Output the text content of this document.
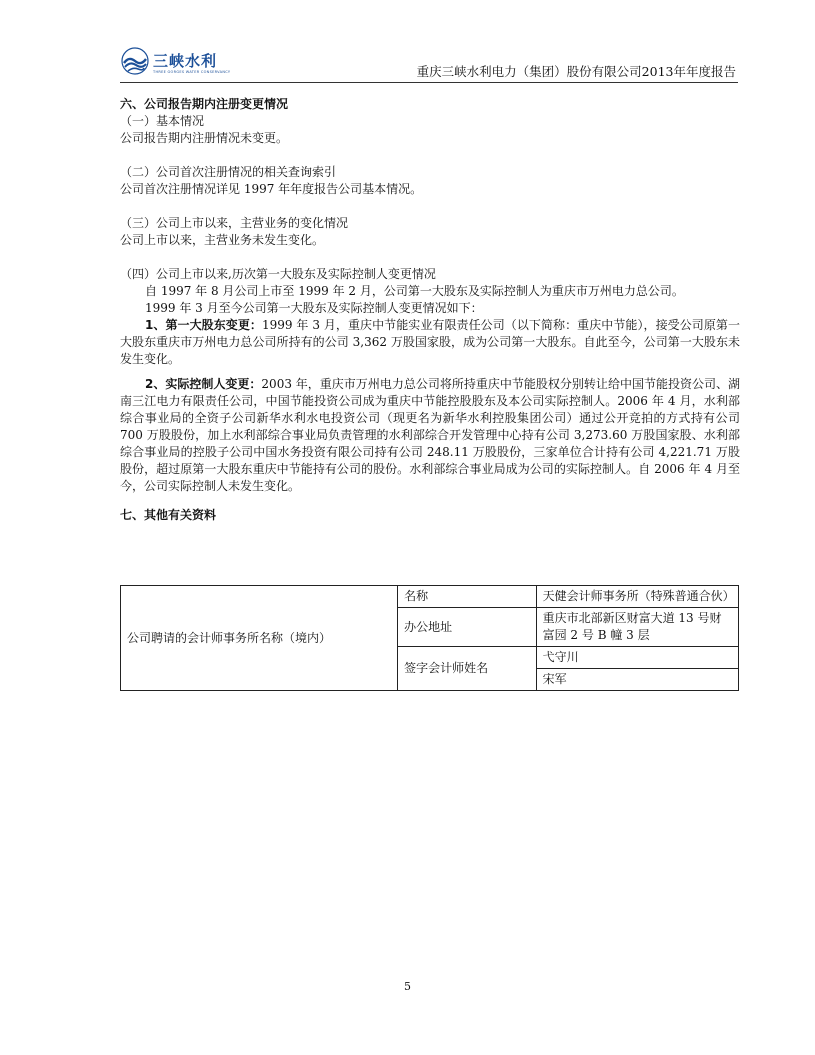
三峡水利
THREE GORGES WATER CONSERVANCY	重庆三峡水利电力（集团）股份有限公司2013年年度报告
六、公司报告期内注册变更情况
（一）基本情况
公司报告期内注册情况未变更。
（二）公司首次注册情况的相关查询索引
公司首次注册情况详见 1997 年年度报告公司基本情况。
（三）公司上市以来，主营业务的变化情况
公司上市以来，主营业务未发生变化。
（四）公司上市以来,历次第一大股东及实际控制人变更情况
自 1997 年 8 月公司上市至 1999 年 2 月，公司第一大股东及实际控制人为重庆市万州电力总公司。
1999 年 3 月至今公司第一大股东及实际控制人变更情况如下：
1、第一大股东变更：1999 年 3 月，重庆中节能实业有限责任公司（以下简称：重庆中节能），接受公司原第一大股东重庆市万州电力总公司所持有的公司 3,362 万股国家股，成为公司第一大股东。自此至今，公司第一大股东未发生变化。
2、实际控制人变更：2003 年，重庆市万州电力总公司将所持重庆中节能股权分别转让给中国节能投资公司、湖南三江电力有限责任公司，中国节能投资公司成为重庆中节能控股股东及本公司实际控制人。2006 年 4 月，水利部综合事业局的全资子公司新华水利水电投资公司（现更名为新华水利控股集团公司）通过公开竞拍的方式持有公司 700 万股股份，加上水利部综合事业局负责管理的水利部综合开发管理中心持有公司 3,273.60 万股国家股、水利部综合事业局的控股子公司中国水务投资有限公司持有公司 248.11 万股股份，三家单位合计持有公司 4,221.71 万股股份，超过原第一大股东重庆中节能持有公司的股份。水利部综合事业局成为公司的实际控制人。自 2006 年 4 月至今，公司实际控制人未发生变化。
七、其他有关资料
公司聘请的会计师事务所名称（境内）	名称	天健会计师事务所（特殊普通合伙）
	办公地址	重庆市北部新区财富大道 13 号财富园 2 号 B 幢 3 层
	签字会计师姓名	弋守川
		宋军
5
